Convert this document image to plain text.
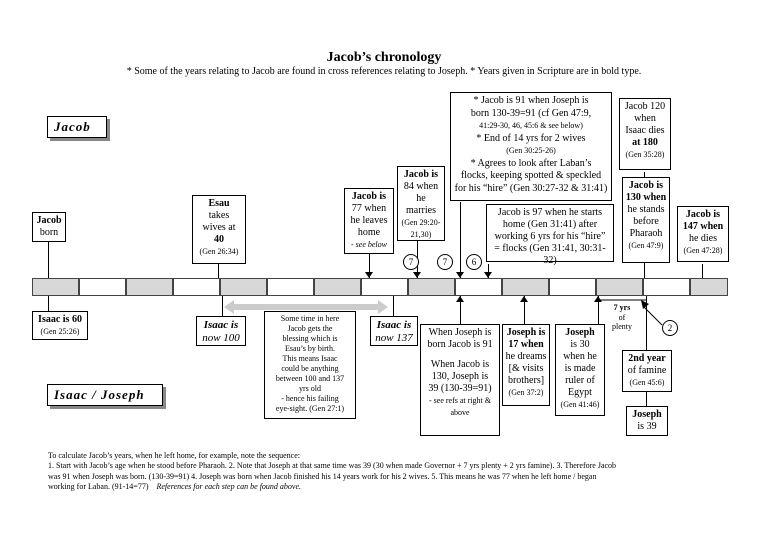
Jacob’s chronology
* Some of the years relating to Jacob are found in cross references relating to Joseph. * Years given in Scripture are in bold type.
Jacob
Isaac / Joseph
Jacob
born
Esau
takes
wives at
40
(Gen 26:34)
Jacob is
77 when
he leaves
home
- see below
Jacob is
84 when
he
marries
(Gen 29:20-
21,30)
* Jacob is 91 when Joseph is
born 130-39=91 (cf Gen 47:9,
41:29-30, 46, 45:6 & see below)
* End of 14 yrs for 2 wives
(Gen 30:25-26)
* Agrees to look after Laban’s
flocks, keeping spotted & speckled
for his “hire” (Gen 30:27-32 & 31:41)
Jacob is 97 when he starts
home (Gen 31:41) after
working 6 yrs for his “hire”
= flocks (Gen 31:41, 30:31-32)
Jacob 120
when
Isaac dies
at 180
(Gen 35:28)
Jacob is
130 when
he stands
before
Pharaoh
(Gen 47:9)
Jacob is
147 when
he dies
(Gen 47:28)
7	7	6
2
Isaac is 60
(Gen 25:26)
Isaac is
now 100
Some time in here
Jacob gets the
blessing which is
Esau’s by birth.
This means Isaac
could be anything
between 100 and 137
yrs old
- hence his failing
eye-sight. (Gen 27:1)
Isaac is
now 137	When Joseph is
born Jacob is 91
When Jacob is
130, Joseph is
39 (130-39=91)
- see refs at right &
above
Joseph is
17 when
he dreams
[& visits
brothers]
(Gen 37:2)
Joseph
is 30
when he
is made
ruler of
Egypt
(Gen 41:46)
7 yrs
of
plenty
2nd year
of famine
(Gen 45:6)
Joseph
is 39
To calculate Jacob’s years, when he left home, for example, note the sequence:
1. Start with Jacob’s age when he stood before Pharaoh. 2. Note that Joseph at that same time was 39 (30 when made Governor + 7 yrs plenty + 2 yrs famine). 3. Therefore Jacob
was 91 when Joseph was born. (130-39=91) 4. Joseph was born when Jacob finished his 14 years work for his 2 wives. 5. This means he was 77 when he left home / began
working for Laban. (91-14=77) References for each step can be found above.
